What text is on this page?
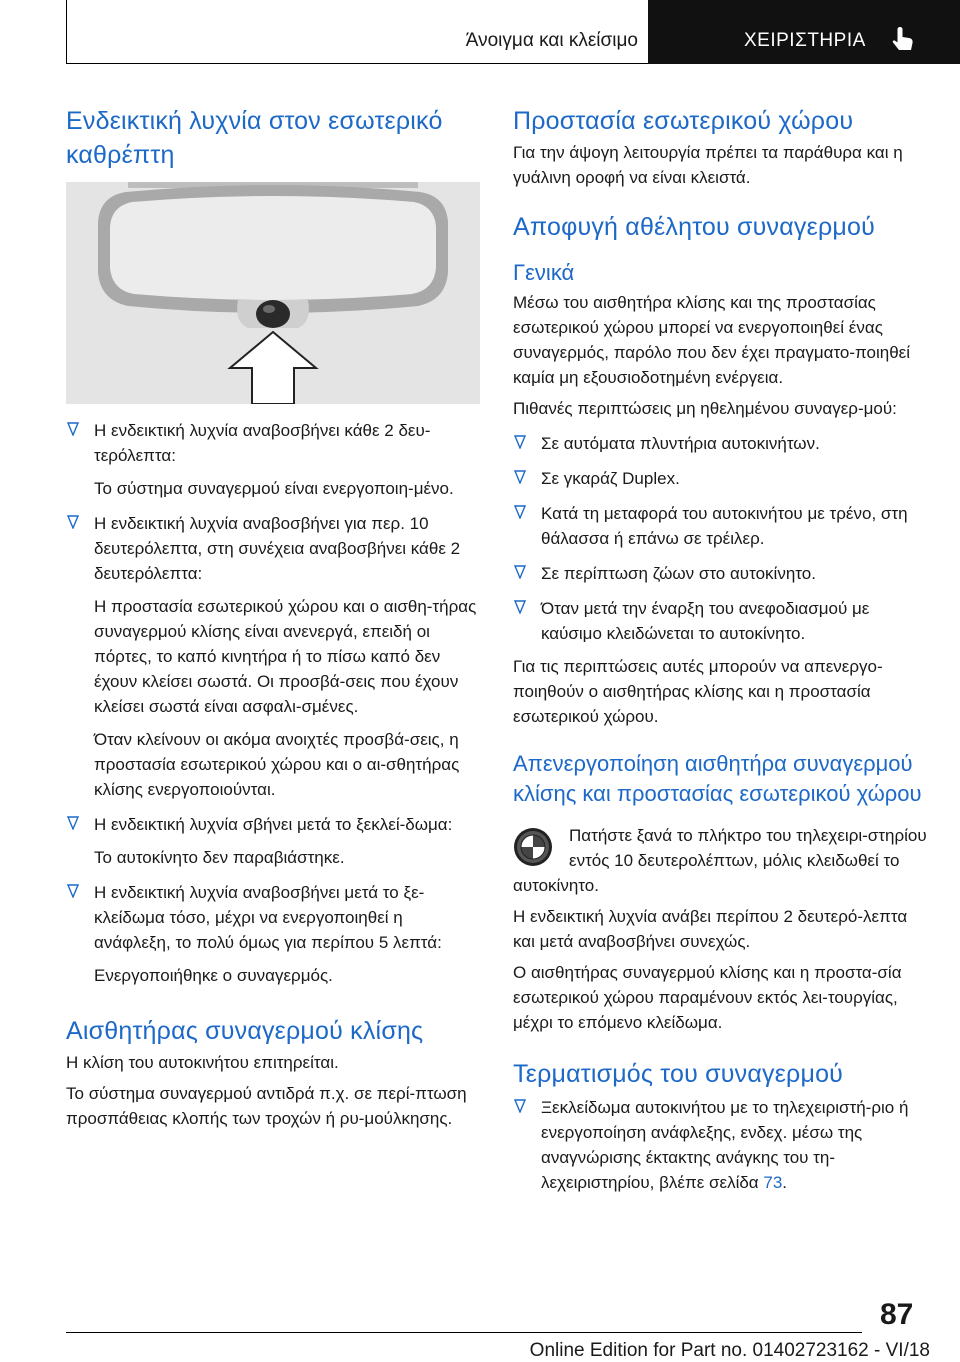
Άνοιγμα και κλείσιμο	ΧΕΙΡΙΣΤΗΡΙΑ
Ενδεικτική λυχνία στον εσωτερικό καθρέπτη
Η ενδεικτική λυχνία αναβοσβήνει κάθε 2 δευ-τερόλεπτα:
Το σύστημα συναγερμού είναι ενεργοποιη-μένο.
Η ενδεικτική λυχνία αναβοσβήνει για περ. 10 δευτερόλεπτα, στη συνέχεια αναβοσβήνει κάθε 2 δευτερόλεπτα:
Η προστασία εσωτερικού χώρου και ο αισθη-τήρας συναγερμού κλίσης είναι ανενεργά, επειδή οι πόρτες, το καπό κινητήρα ή το πίσω καπό δεν έχουν κλείσει σωστά. Οι προσβά-σεις που έχουν κλείσει σωστά είναι ασφαλι-σμένες.
Όταν κλείνουν οι ακόμα ανοιχτές προσβά-σεις, η προστασία εσωτερικού χώρου και ο αι-σθητήρας κλίσης ενεργοποιούνται.
Η ενδεικτική λυχνία σβήνει μετά το ξεκλεί-δωμα:
Το αυτοκίνητο δεν παραβιάστηκε.
Η ενδεικτική λυχνία αναβοσβήνει μετά το ξε-κλείδωμα τόσο, μέχρι να ενεργοποιηθεί η ανάφλεξη, το πολύ όμως για περίπου 5 λεπτά:
Ενεργοποιήθηκε ο συναγερμός.
Αισθητήρας συναγερμού κλίσης
Η κλίση του αυτοκινήτου επιτηρείται.
Το σύστημα συναγερμού αντιδρά π.χ. σε περί-πτωση προσπάθειας κλοπής των τροχών ή ρυ-μούλκησης.
Προστασία εσωτερικού χώρου
Για την άψογη λειτουργία πρέπει τα παράθυρα και η γυάλινη οροφή να είναι κλειστά.
Αποφυγή αθέλητου συναγερμού
Γενικά
Μέσω του αισθητήρα κλίσης και της προστασίας εσωτερικού χώρου μπορεί να ενεργοποιηθεί ένας συναγερμός, παρόλο που δεν έχει πραγματο-ποιηθεί καμία μη εξουσιοδοτημένη ενέργεια.
Πιθανές περιπτώσεις μη ηθελημένου συναγερ-μού:
Σε αυτόματα πλυντήρια αυτοκινήτων.
Σε γκαράζ Duplex.
Κατά τη μεταφορά του αυτοκινήτου με τρένο, στη θάλασσα ή επάνω σε τρέιλερ.
Σε περίπτωση ζώων στο αυτοκίνητο.
Όταν μετά την έναρξη του ανεφοδιασμού με καύσιμο κλειδώνεται το αυτοκίνητο.
Για τις περιπτώσεις αυτές μπορούν να απενεργο-ποιηθούν ο αισθητήρας κλίσης και η προστασία εσωτερικού χώρου.
Απενεργοποίηση αισθητήρα συναγερμού κλίσης και προστασίας εσωτερικού χώρου
Πατήστε ξανά το πλήκτρο του τηλεχειρι-στηρίου εντός 10 δευτερολέπτων, μόλις κλειδωθεί το αυτοκίνητο.
Η ενδεικτική λυχνία ανάβει περίπου 2 δευτερό-λεπτα και μετά αναβοσβήνει συνεχώς.
Ο αισθητήρας συναγερμού κλίσης και η προστα-σία εσωτερικού χώρου παραμένουν εκτός λει-τουργίας, μέχρι το επόμενο κλείδωμα.
Τερματισμός του συναγερμού
Ξεκλείδωμα αυτοκινήτου με το τηλεχειριστή-ριο ή ενεργοποίηση ανάφλεξης, ενδεχ. μέσω της αναγνώρισης έκτακτης ανάγκης του τη-λεχειριστηρίου, βλέπε σελίδα 73.
87
Online Edition for Part no. 01402723162 - VI/18
